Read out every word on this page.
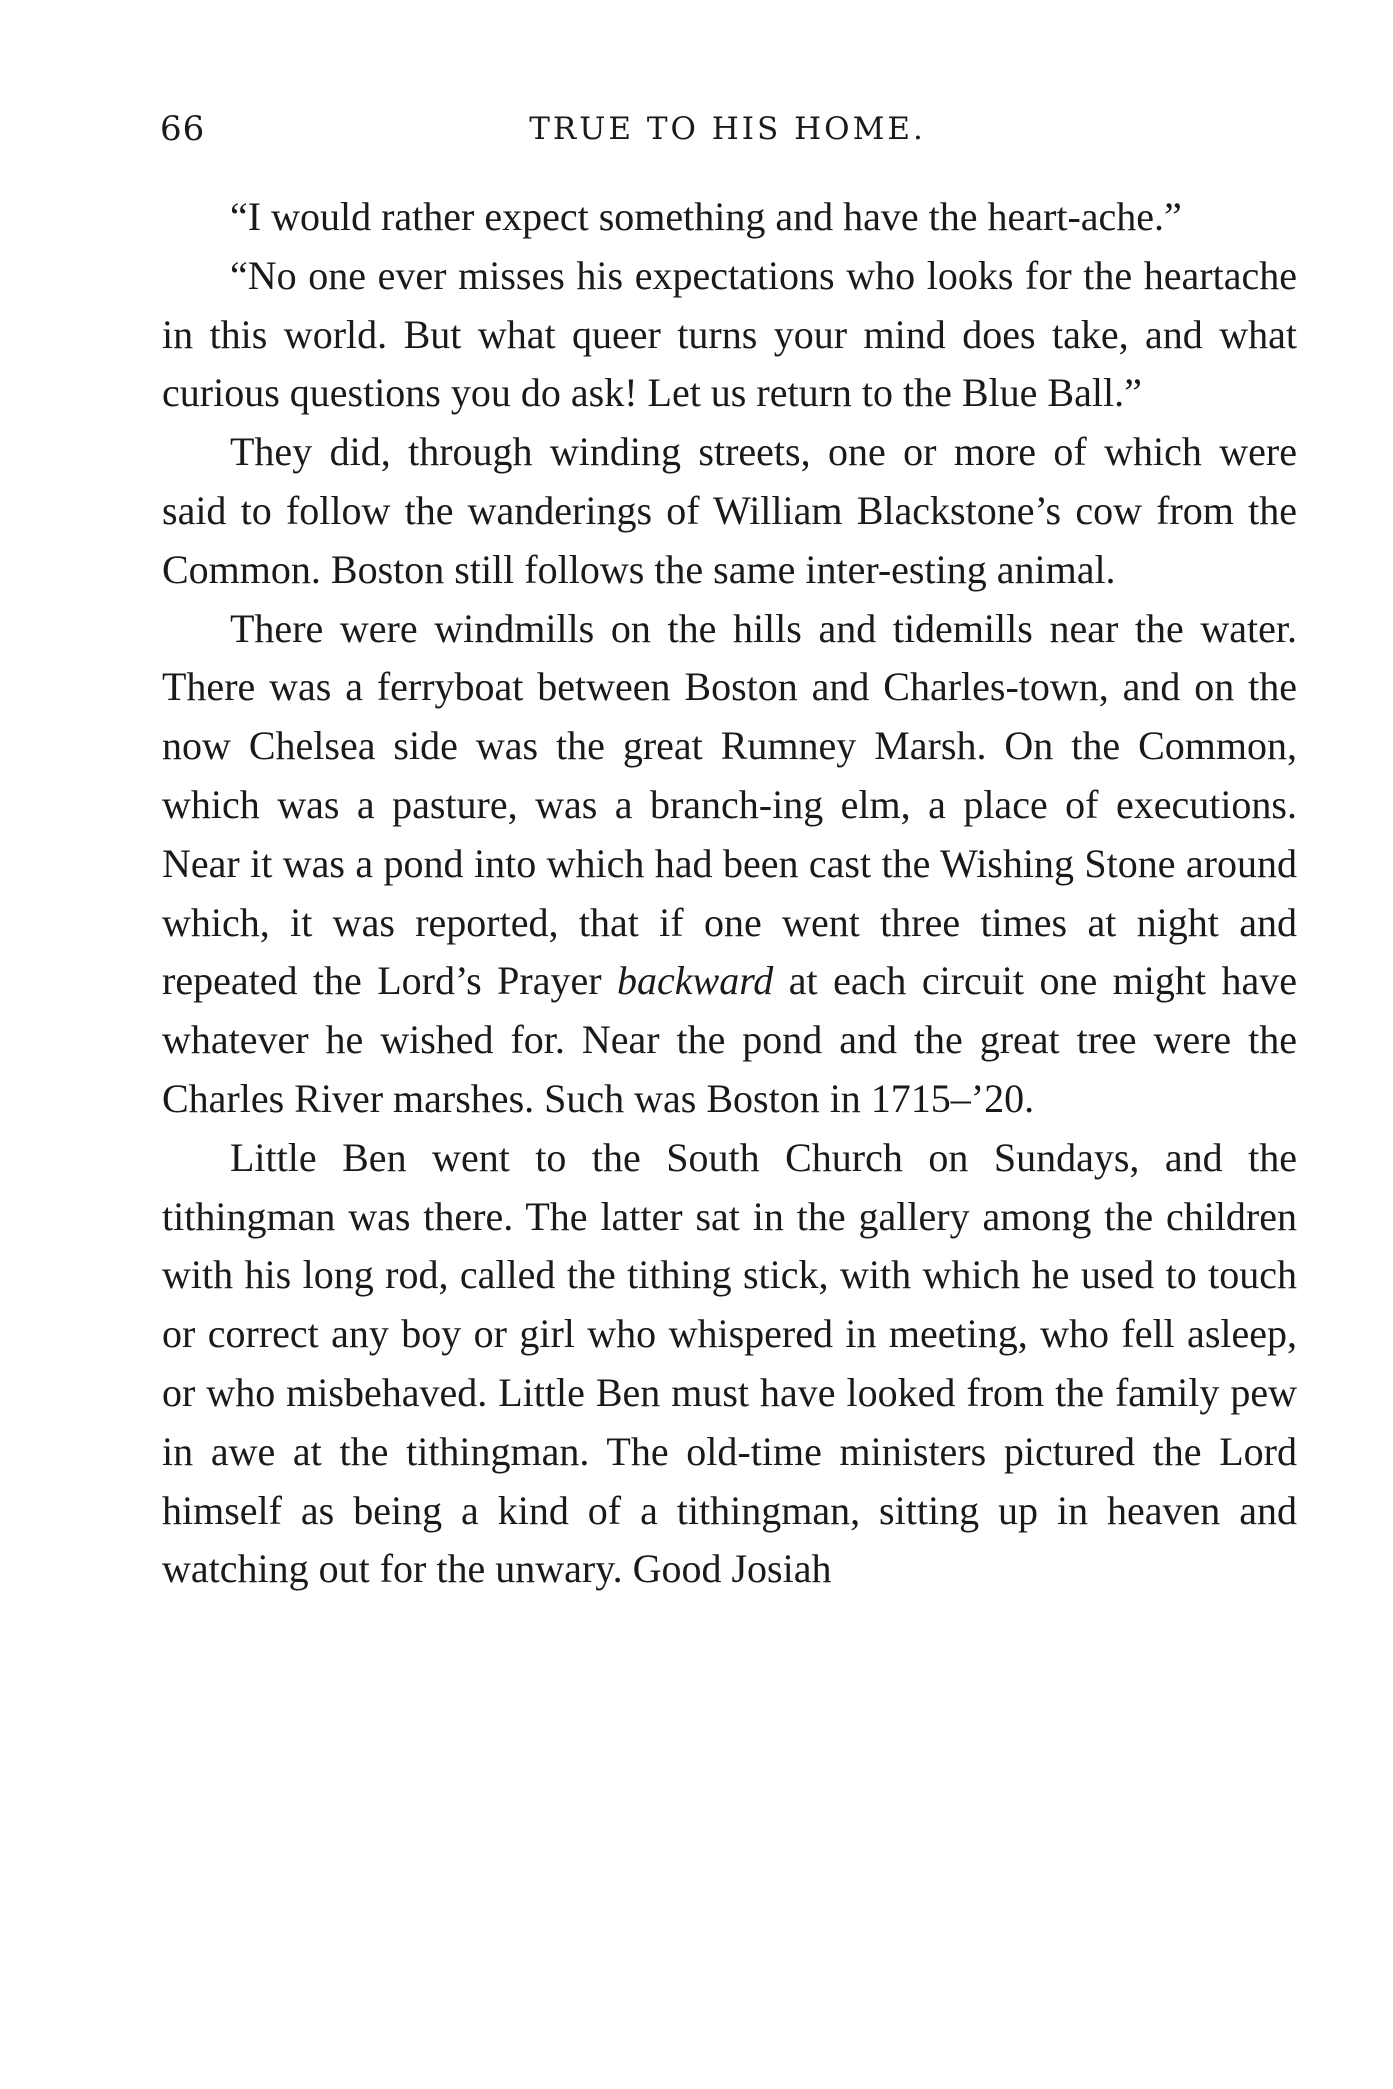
66	TRUE TO HIS HOME.

“I would rather expect something and have the heart-ache.”

“No one ever misses his expectations who looks for the heartache in this world. But what queer turns your mind does take, and what curious questions you do ask! Let us return to the Blue Ball.”

They did, through winding streets, one or more of which were said to follow the wanderings of William Blackstone’s cow from the Common. Boston still follows the same inter-esting animal.

There were windmills on the hills and tidemills near the water. There was a ferryboat between Boston and Charles-town, and on the now Chelsea side was the great Rumney Marsh. On the Common, which was a pasture, was a branch-ing elm, a place of executions. Near it was a pond into which had been cast the Wishing Stone around which, it was reported, that if one went three times at night and repeated the Lord’s Prayer backward at each circuit one might have whatever he wished for. Near the pond and the great tree were the Charles River marshes. Such was Boston in 1715–’20.

Little Ben went to the South Church on Sundays, and the tithingman was there. The latter sat in the gallery among the children with his long rod, called the tithing stick, with which he used to touch or correct any boy or girl who whispered in meeting, who fell asleep, or who misbehaved. Little Ben must have looked from the family pew in awe at the tithingman. The old-time ministers pictured the Lord himself as being a kind of a tithingman, sitting up in heaven and watching out for the unwary. Good Josiah
